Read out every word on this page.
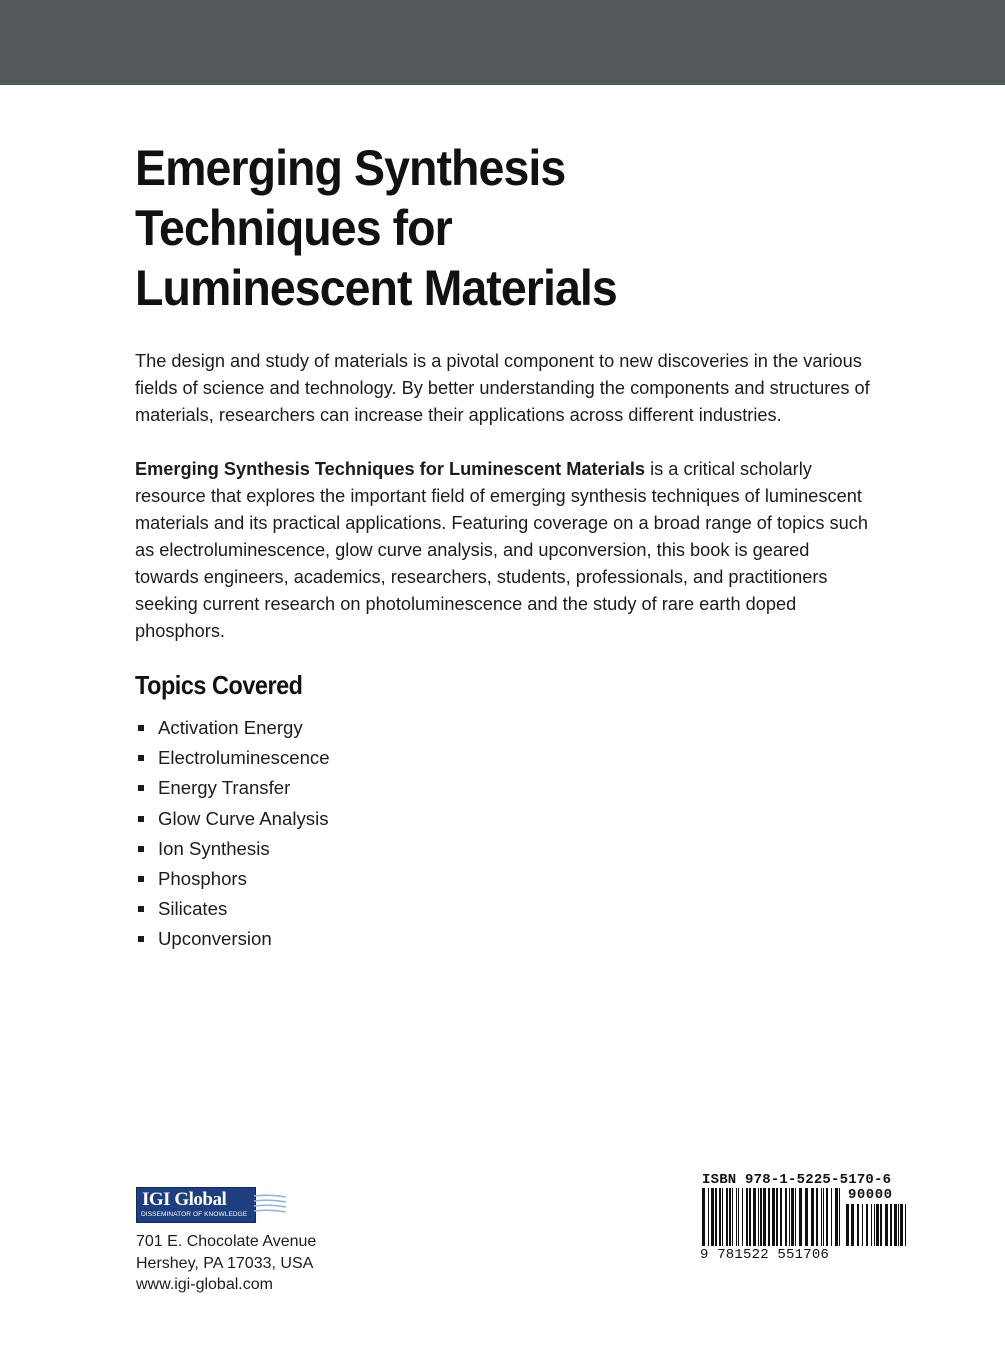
Emerging Synthesis
Techniques for
Luminescent Materials

The design and study of materials is a pivotal component to new discoveries in the various fields of science and technology. By better understanding the components and structures of materials, researchers can increase their applications across different industries.

Emerging Synthesis Techniques for Luminescent Materials is a critical scholarly resource that explores the important field of emerging synthesis techniques of luminescent materials and its practical applications. Featuring coverage on a broad range of topics such as electroluminescence, glow curve analysis, and upconversion, this book is geared towards engineers, academics, researchers, students, professionals, and practitioners seeking current research on photoluminescence and the study of rare earth doped phosphors.

Topics Covered
Activation Energy
Electroluminescence
Energy Transfer
Glow Curve Analysis
Ion Synthesis
Phosphors
Silicates
Upconversion
IGI Global
DISSEMINATOR OF KNOWLEDGE
701 E. Chocolate Avenue
Hershey, PA 17033, USA
www.igi-global.com
ISBN 978-1-5225-5170-6
90000
9 781522 551706
